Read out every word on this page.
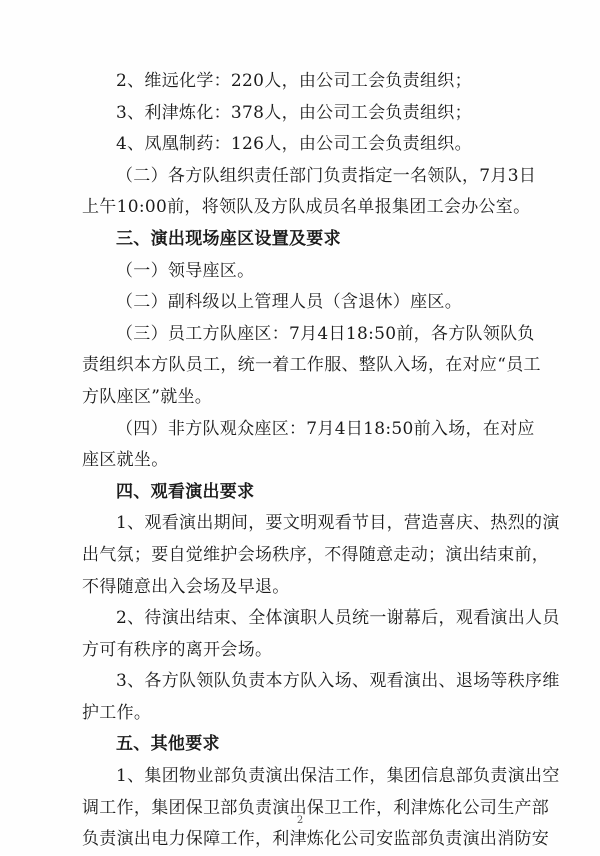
2、维远化学：220人，由公司工会负责组织；
3、利津炼化：378人，由公司工会负责组织；
4、凤凰制药：126人，由公司工会负责组织。
（二）各方队组织责任部门负责指定一名领队，7月3日
上午10:00前，将领队及方队成员名单报集团工会办公室。
三、演出现场座区设置及要求
（一）领导座区。
（二）副科级以上管理人员（含退休）座区。
（三）员工方队座区：7月4日18:50前，各方队领队负
责组织本方队员工，统一着工作服、整队入场，在对应“员工
方队座区”就坐。
（四）非方队观众座区：7月4日18:50前入场，在对应
座区就坐。
四、观看演出要求
1、观看演出期间，要文明观看节目，营造喜庆、热烈的演
出气氛；要自觉维护会场秩序，不得随意走动；演出结束前，
不得随意出入会场及早退。
2、待演出结束、全体演职人员统一谢幕后，观看演出人员
方可有秩序的离开会场。
3、各方队领队负责本方队入场、观看演出、退场等秩序维
护工作。
五、其他要求
1、集团物业部负责演出保洁工作，集团信息部负责演出空
调工作，集团保卫部负责演出保卫工作，利津炼化公司生产部
负责演出电力保障工作，利津炼化公司安监部负责演出消防安
2
